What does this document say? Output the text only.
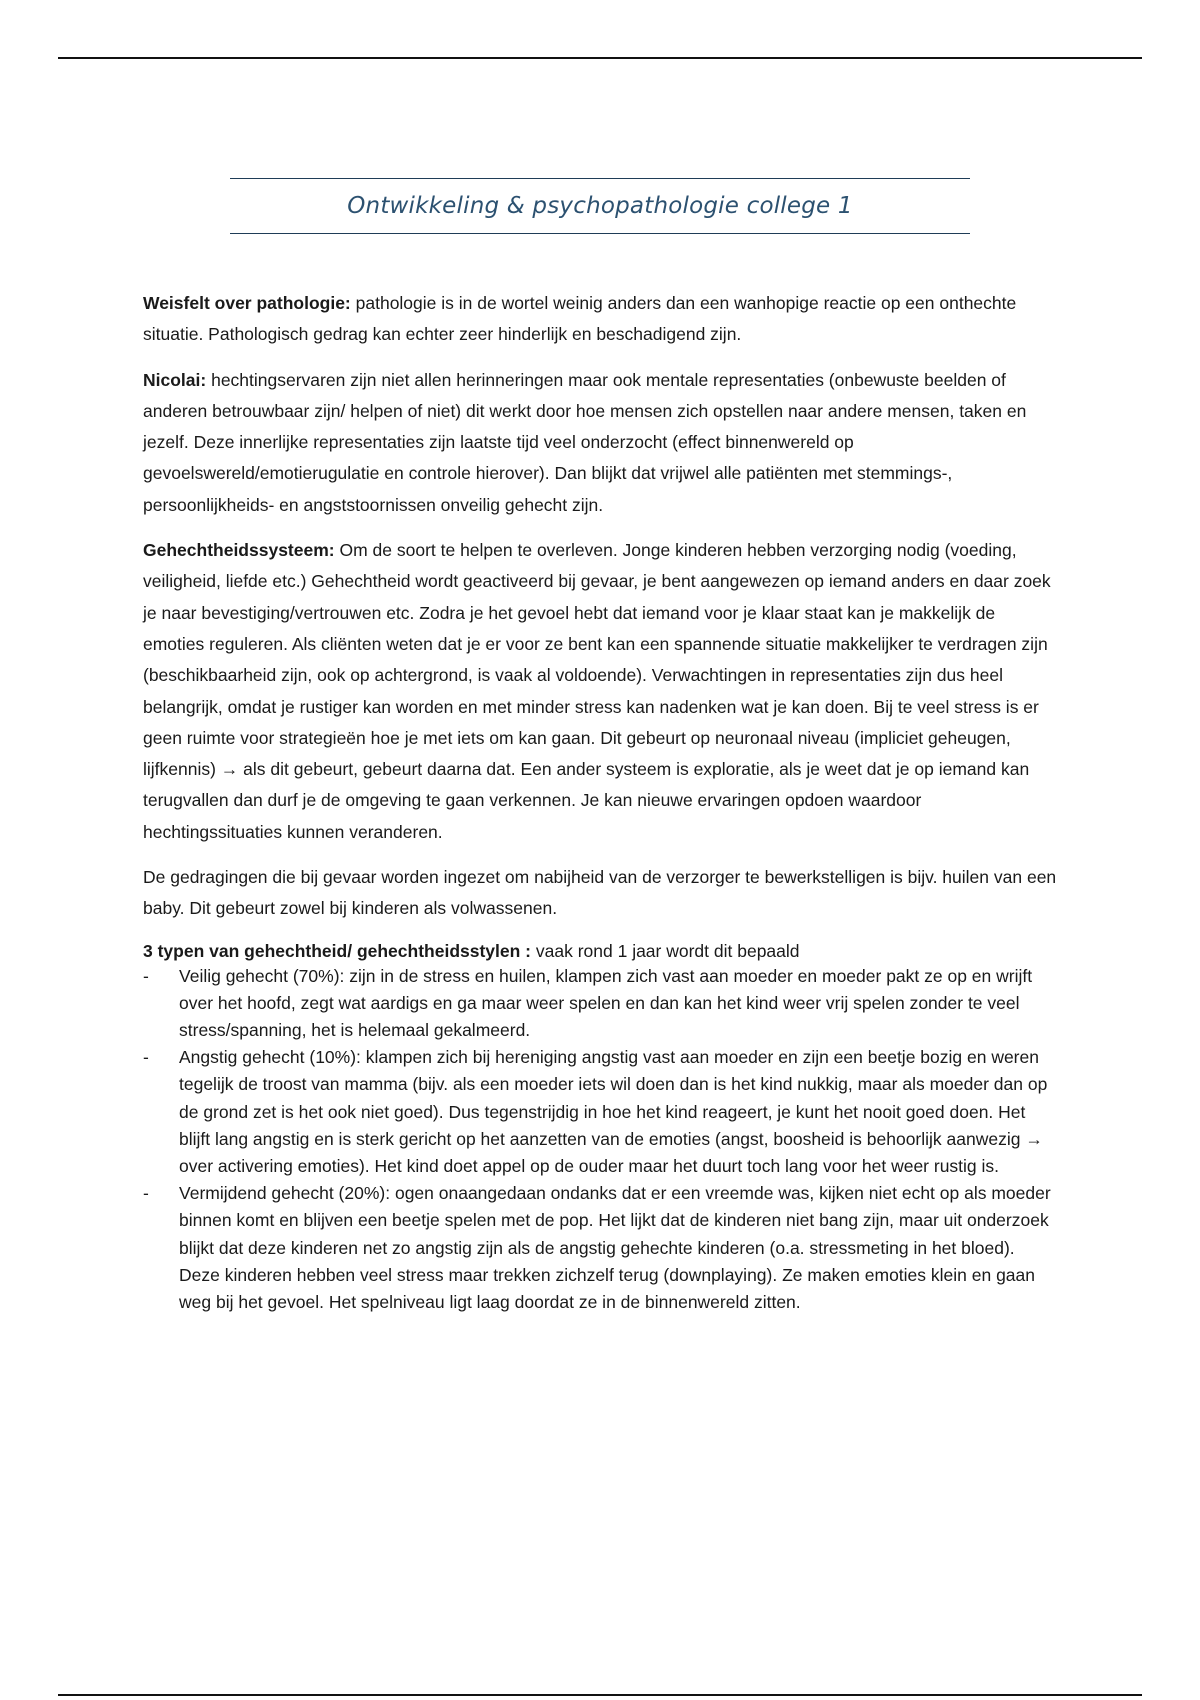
Ontwikkeling & psychopathologie college 1

Weisfelt over pathologie: pathologie is in de wortel weinig anders dan een wanhopige reactie op een onthechte situatie. Pathologisch gedrag kan echter zeer hinderlijk en beschadigend zijn.

Nicolai: hechtingservaren zijn niet allen herinneringen maar ook mentale representaties (onbewuste beelden of anderen betrouwbaar zijn/ helpen of niet) dit werkt door hoe mensen zich opstellen naar andere mensen, taken en jezelf. Deze innerlijke representaties zijn laatste tijd veel onderzocht (effect binnenwereld op gevoelswereld/emotierugulatie en controle hierover). Dan blijkt dat vrijwel alle patiënten met stemmings-, persoonlijkheids- en angststoornissen onveilig gehecht zijn.

Gehechtheidssysteem: Om de soort te helpen te overleven. Jonge kinderen hebben verzorging nodig (voeding, veiligheid, liefde etc.) Gehechtheid wordt geactiveerd bij gevaar, je bent aangewezen op iemand anders en daar zoek je naar bevestiging/vertrouwen etc. Zodra je het gevoel hebt dat iemand voor je klaar staat kan je makkelijk de emoties reguleren. Als cliënten weten dat je er voor ze bent kan een spannende situatie makkelijker te verdragen zijn (beschikbaarheid zijn, ook op achtergrond, is vaak al voldoende). Verwachtingen in representaties zijn dus heel belangrijk, omdat je rustiger kan worden en met minder stress kan nadenken wat je kan doen. Bij te veel stress is er geen ruimte voor strategieën hoe je met iets om kan gaan. Dit gebeurt op neuronaal niveau (impliciet geheugen, lijfkennis) → als dit gebeurt, gebeurt daarna dat. Een ander systeem is exploratie, als je weet dat je op iemand kan terugvallen dan durf je de omgeving te gaan verkennen. Je kan nieuwe ervaringen opdoen waardoor hechtingssituaties kunnen veranderen.

De gedragingen die bij gevaar worden ingezet om nabijheid van de verzorger te bewerkstelligen is bijv. huilen van een baby. Dit gebeurt zowel bij kinderen als volwassenen.

3 typen van gehechtheid/ gehechtheidsstylen : vaak rond 1 jaar wordt dit bepaald

- Veilig gehecht (70%): zijn in de stress en huilen, klampen zich vast aan moeder en moeder pakt ze op en wrijft over het hoofd, zegt wat aardigs en ga maar weer spelen en dan kan het kind weer vrij spelen zonder te veel stress/spanning, het is helemaal gekalmeerd.
- Angstig gehecht (10%): klampen zich bij hereniging angstig vast aan moeder en zijn een beetje bozig en weren tegelijk de troost van mamma (bijv. als een moeder iets wil doen dan is het kind nukkig, maar als moeder dan op de grond zet is het ook niet goed). Dus tegenstrijdig in hoe het kind reageert, je kunt het nooit goed doen. Het blijft lang angstig en is sterk gericht op het aanzetten van de emoties (angst, boosheid is behoorlijk aanwezig → over activering emoties). Het kind doet appel op de ouder maar het duurt toch lang voor het weer rustig is.
- Vermijdend gehecht (20%): ogen onaangedaan ondanks dat er een vreemde was, kijken niet echt op als moeder binnen komt en blijven een beetje spelen met de pop. Het lijkt dat de kinderen niet bang zijn, maar uit onderzoek blijkt dat deze kinderen net zo angstig zijn als de angstig gehechte kinderen (o.a. stressmeting in het bloed). Deze kinderen hebben veel stress maar trekken zichzelf terug (downplaying). Ze maken emoties klein en gaan weg bij het gevoel. Het spelniveau ligt laag doordat ze in de binnenwereld zitten.
